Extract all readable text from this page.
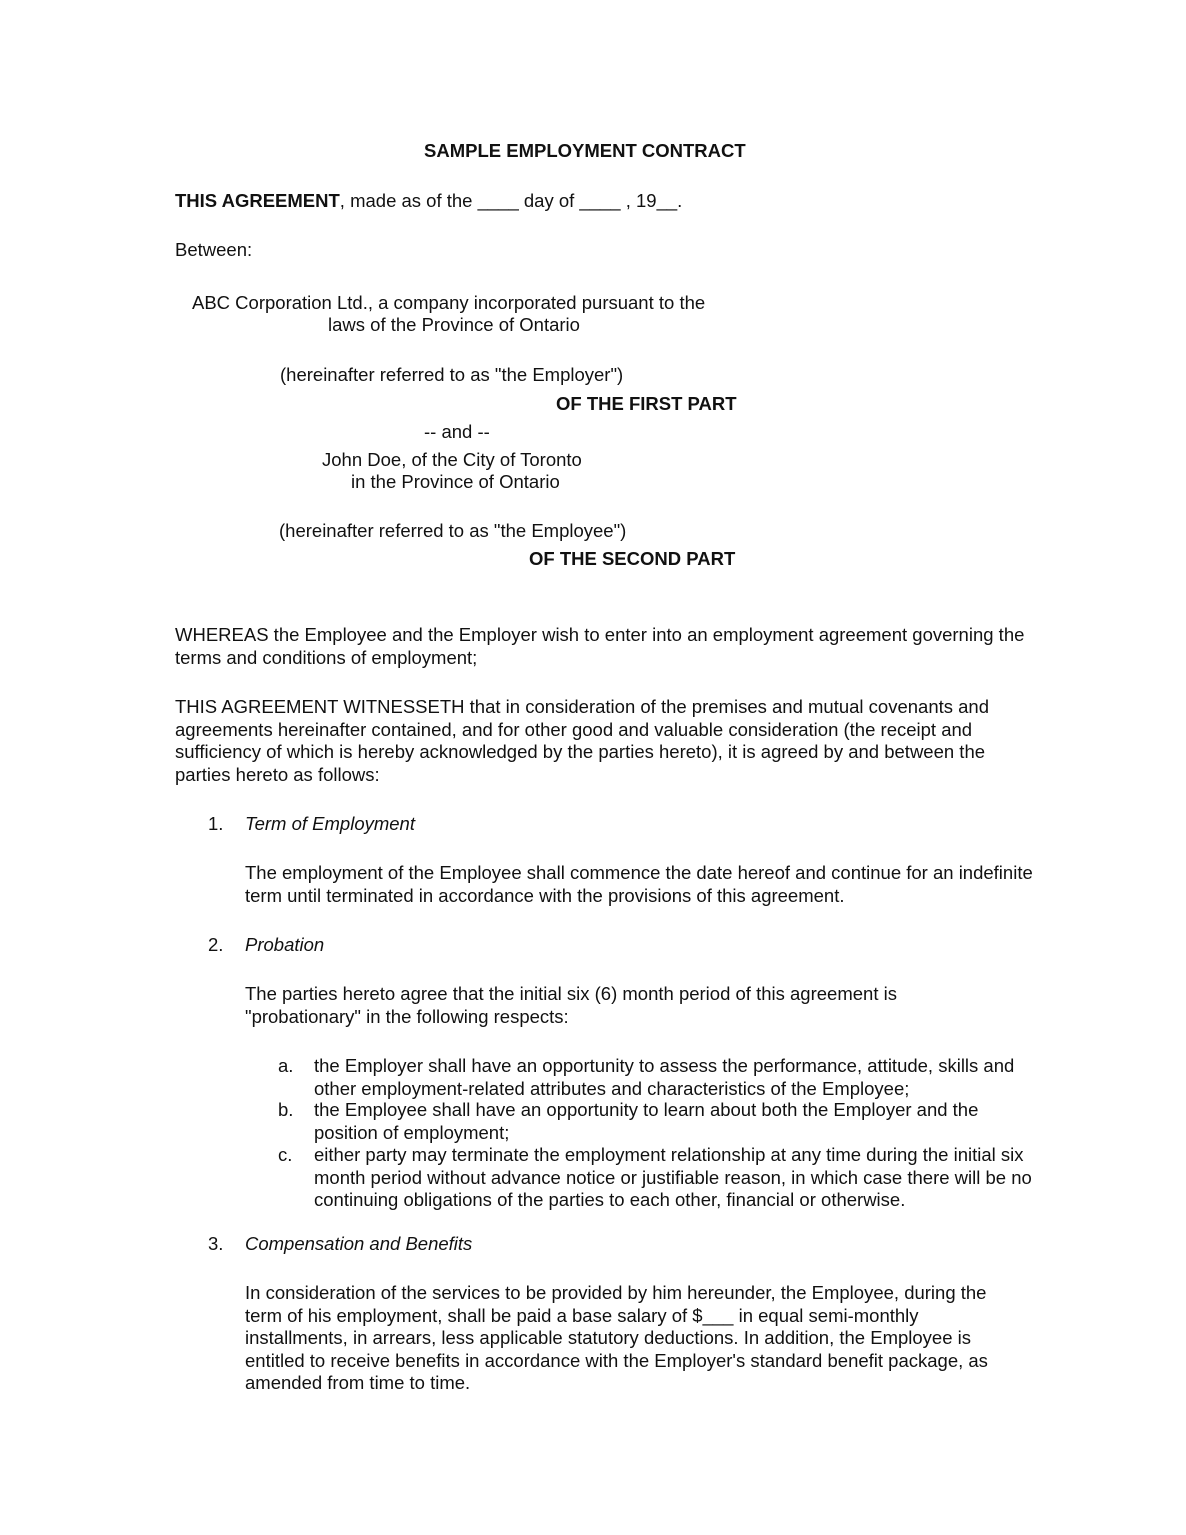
SAMPLE EMPLOYMENT CONTRACT
THIS AGREEMENT, made as of the ____ day of ____ , 19__.
Between:
ABC Corporation Ltd., a company incorporated pursuant to the
laws of the Province of Ontario
(hereinafter referred to as "the Employer")
OF THE FIRST PART
-- and --
John Doe, of the City of Toronto
in the Province of Ontario
(hereinafter referred to as "the Employee")
OF THE SECOND PART
WHEREAS the Employee and the Employer wish to enter into an employment agreement governing the terms and conditions of employment;
THIS AGREEMENT WITNESSETH that in consideration of the premises and mutual covenants and agreements hereinafter contained, and for other good and valuable consideration (the receipt and sufficiency of which is hereby acknowledged by the parties hereto), it is agreed by and between the parties hereto as follows:
1. Term of Employment
The employment of the Employee shall commence the date hereof and continue for an indefinite term until terminated in accordance with the provisions of this agreement.
2. Probation
The parties hereto agree that the initial six (6) month period of this agreement is "probationary" in the following respects:
a. the Employer shall have an opportunity to assess the performance, attitude, skills and other employment-related attributes and characteristics of the Employee;
b. the Employee shall have an opportunity to learn about both the Employer and the position of employment;
c. either party may terminate the employment relationship at any time during the initial six month period without advance notice or justifiable reason, in which case there will be no continuing obligations of the parties to each other, financial or otherwise.
3. Compensation and Benefits
In consideration of the services to be provided by him hereunder, the Employee, during the term of his employment, shall be paid a base salary of $___ in equal semi-monthly installments, in arrears, less applicable statutory deductions. In addition, the Employee is entitled to receive benefits in accordance with the Employer's standard benefit package, as amended from time to time.
